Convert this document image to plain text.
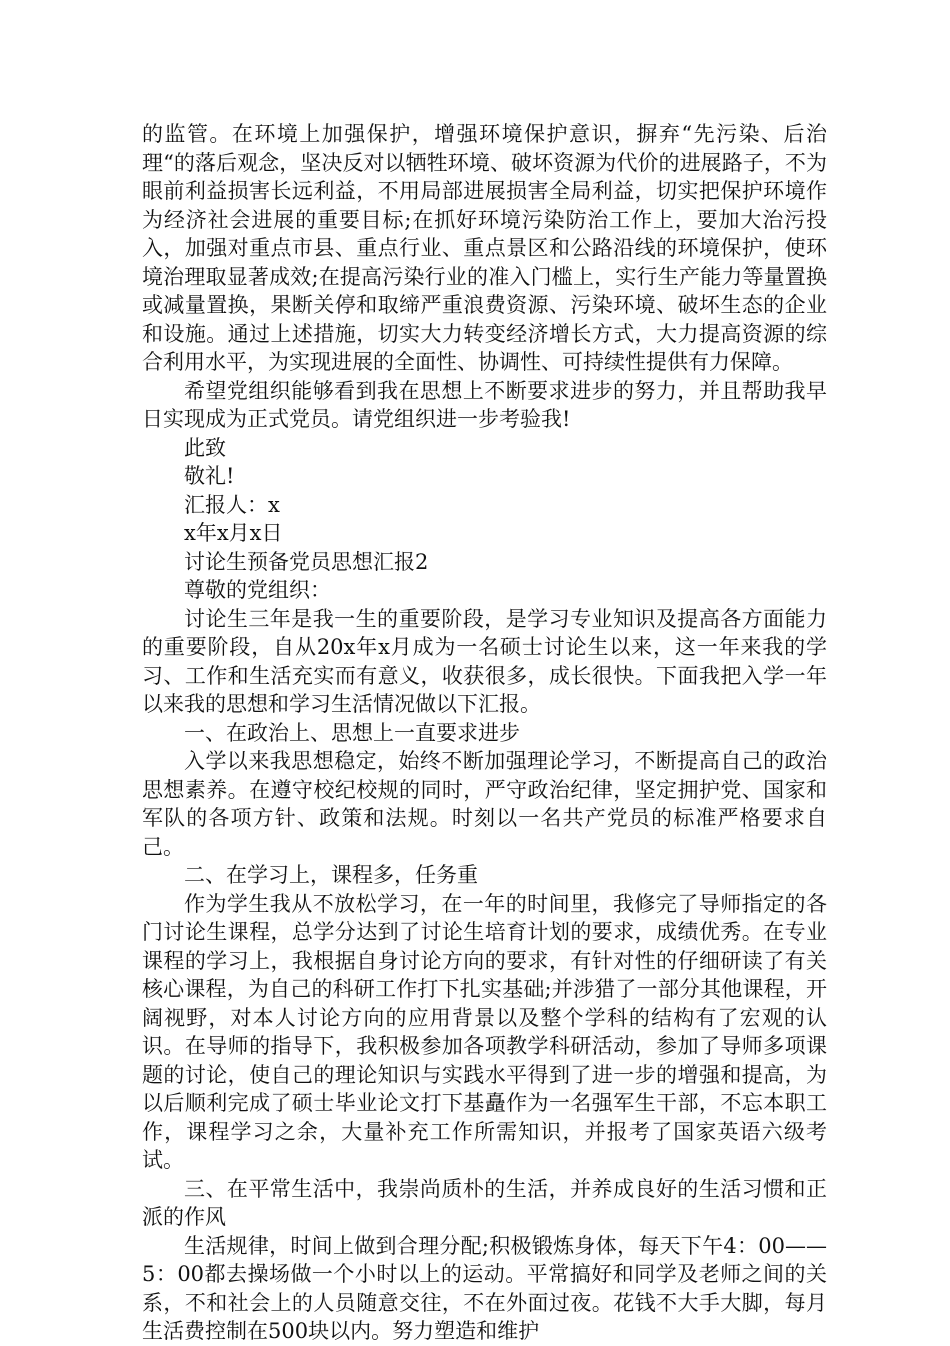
的监管。在环境上加强保护，增强环境保护意识，摒弃“先污染、后治理“的落后观念，坚决反对以牺牲环境、破坏资源为代价的进展路子，不为眼前利益损害长远利益，不用局部进展损害全局利益，切实把保护环境作为经济社会进展的重要目标;在抓好环境污染防治工作上，要加大治污投入，加强对重点市县、重点行业、重点景区和公路沿线的环境保护，使环境治理取显著成效;在提高污染行业的准入门槛上，实行生产能力等量置换或减量置换，果断关停和取缔严重浪费资源、污染环境、破坏生态的企业和设施。通过上述措施，切实大力转变经济增长方式，大力提高资源的综合利用水平，为实现进展的全面性、协调性、可持续性提供有力保障。

希望党组织能够看到我在思想上不断要求进步的努力，并且帮助我早日实现成为正式党员。请党组织进一步考验我!

此致

敬礼!

汇报人：x

x年x月x日

讨论生预备党员思想汇报2

尊敬的党组织：

讨论生三年是我一生的重要阶段，是学习专业知识及提高各方面能力的重要阶段，自从20x年x月成为一名硕士讨论生以来，这一年来我的学习、工作和生活充实而有意义，收获很多，成长很快。下面我把入学一年以来我的思想和学习生活情况做以下汇报。

一、在政治上、思想上一直要求进步

入学以来我思想稳定，始终不断加强理论学习，不断提高自己的政治思想素养。在遵守校纪校规的同时，严守政治纪律，坚定拥护党、国家和军队的各项方针、政策和法规。时刻以一名共产党员的标准严格要求自己。

二、在学习上，课程多，任务重

作为学生我从不放松学习，在一年的时间里，我修完了导师指定的各门讨论生课程，总学分达到了讨论生培育计划的要求，成绩优秀。在专业课程的学习上，我根据自身讨论方向的要求，有针对性的仔细研读了有关核心课程，为自己的科研工作打下扎实基础;并涉猎了一部分其他课程，开阔视野，对本人讨论方向的应用背景以及整个学科的结构有了宏观的认识。在导师的指导下，我积极参加各项教学科研活动，参加了导师多项课题的讨论，使自己的理论知识与实践水平得到了进一步的增强和提高，为以后顺利完成了硕士毕业论文打下基矗作为一名强军生干部，不忘本职工作，课程学习之余，大量补充工作所需知识，并报考了国家英语六级考试。

三、在平常生活中，我崇尚质朴的生活，并养成良好的生活习惯和正派的作风

生活规律，时间上做到合理分配;积极锻炼身体，每天下午4：00——5：00都去操场做一个小时以上的运动。平常搞好和同学及老师之间的关系，不和社会上的人员随意交往，不在外面过夜。花钱不大手大脚，每月生活费控制在500块以内。努力塑造和维护
